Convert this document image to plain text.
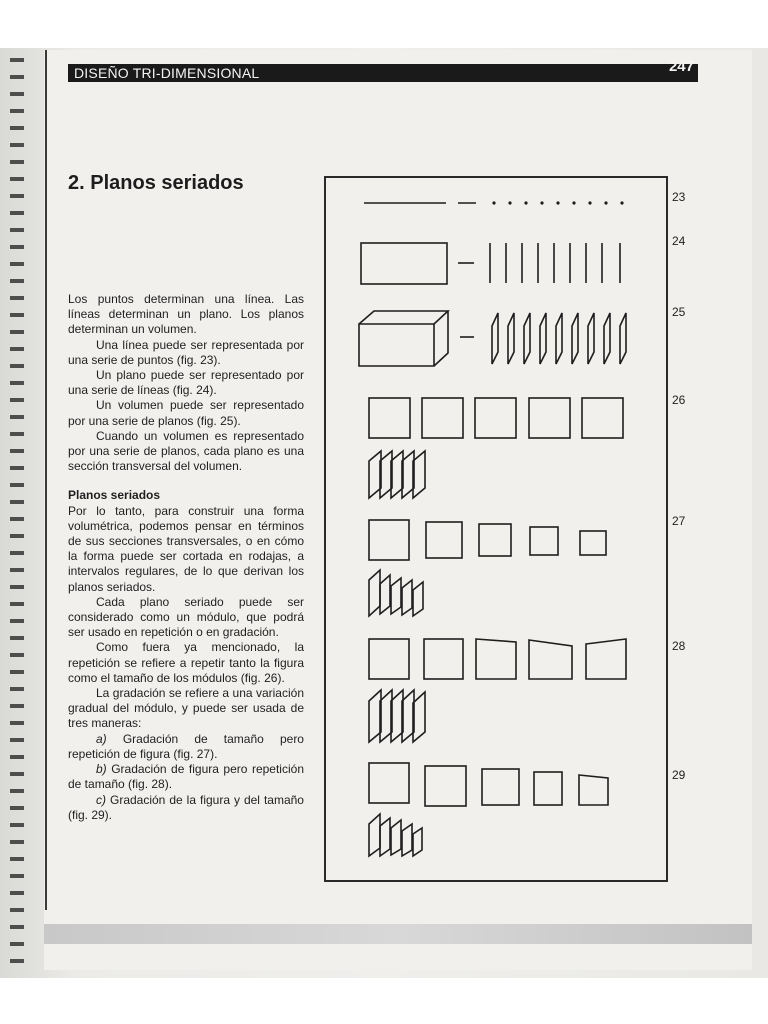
DISEÑO TRI-DIMENSIONAL	247
2. Planos seriados

Los puntos determinan una línea. Las líneas determinan un plano. Los planos determinan un volumen.

Una línea puede ser representada por una serie de puntos (fig. 23).

Un plano puede ser representado por una serie de líneas (fig. 24).

Un volumen puede ser representado por una serie de planos (fig. 25).

Cuando un volumen es representado por una serie de planos, cada plano es una sección transversal del volumen.

Planos seriados

Por lo tanto, para construir una forma volumétrica, podemos pensar en términos de sus secciones transversales, o en cómo la forma puede ser cortada en rodajas, a intervalos regulares, de lo que derivan los planos seriados.

Cada plano seriado puede ser considerado como un módulo, que podrá ser usado en repetición o en gradación.

Como fuera ya mencionado, la repetición se refiere a repetir tanto la figura como el tamaño de los módulos (fig. 26).

La gradación se refiere a una variación gradual del módulo, y puede ser usada de tres maneras:

a) Gradación de tamaño pero repetición de figura (fig. 27).

b) Gradación de figura pero repetición de tamaño (fig. 28).

c) Gradación de la figura y del tamaño (fig. 29).

23
24
25
26
27
28
29
